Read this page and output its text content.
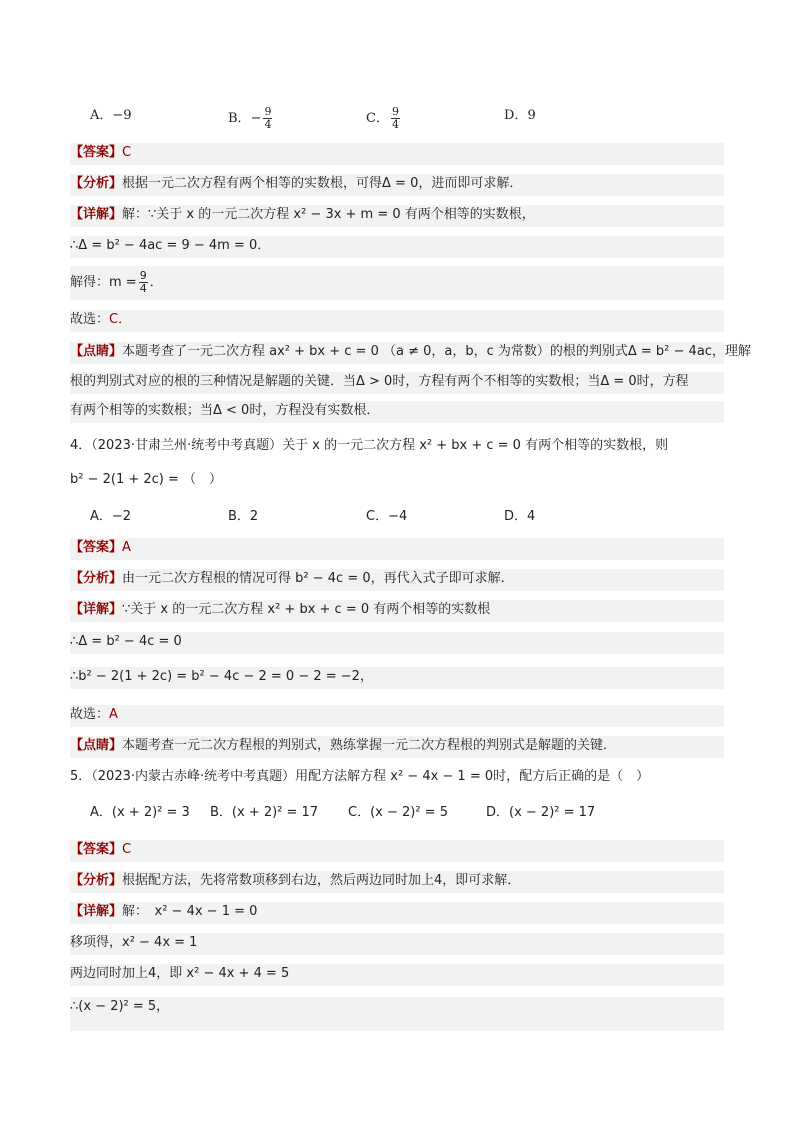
A．−9	B．− $\frac{9}{4}$	C． $\frac{9}{4}$	D．9
【答案】C
【分析】根据一元二次方程有两个相等的实数根，可得Δ = 0，进而即可求解．
【详解】解：∵关于 x 的一元二次方程 x² − 3x + m = 0 有两个相等的实数根，
∴Δ = b² − 4ac = 9 − 4m = 0．
解得：$m = \frac{9}{4}$ ．
故选：C．
【点睛】本题考查了一元二次方程 ax² + bx + c = 0 （a ≠ 0，a，b，c 为常数）的根的判别式Δ = b² − 4ac，理解
根的判别式对应的根的三种情况是解题的关键．当Δ > 0时，方程有两个不相等的实数根；当Δ = 0时，方程
有两个相等的实数根；当Δ < 0时，方程没有实数根．
4．（2023·甘肃兰州·统考中考真题）关于 x 的一元二次方程 x² + bx + c = 0 有两个相等的实数根，则
b² − 2(1 + 2c) = （　）
A．−2	B．2	C．−4	D．4
【答案】A
【分析】由一元二次方程根的情况可得 b² − 4c = 0，再代入式子即可求解．
【详解】∵关于 x 的一元二次方程 x² + bx + c = 0 有两个相等的实数根
∴Δ = b² − 4c = 0
∴b² − 2(1 + 2c) = b² − 4c − 2 = 0 − 2 = −2，
故选：A
【点睛】本题考查一元二次方程根的判别式，熟练掌握一元二次方程根的判别式是解题的关键．
5．（2023·内蒙古赤峰·统考中考真题）用配方法解方程 x² − 4x − 1 = 0时，配方后正确的是（　）
A．(x + 2)² = 3	B．(x + 2)² = 17	C．(x − 2)² = 5	D．(x − 2)² = 17
【答案】C
【分析】根据配方法，先将常数项移到右边，然后两边同时加上4，即可求解．
【详解】解：　x² − 4x − 1 = 0
移项得，x² − 4x = 1
两边同时加上4，即 x² − 4x + 4 = 5
∴(x − 2)² = 5，
